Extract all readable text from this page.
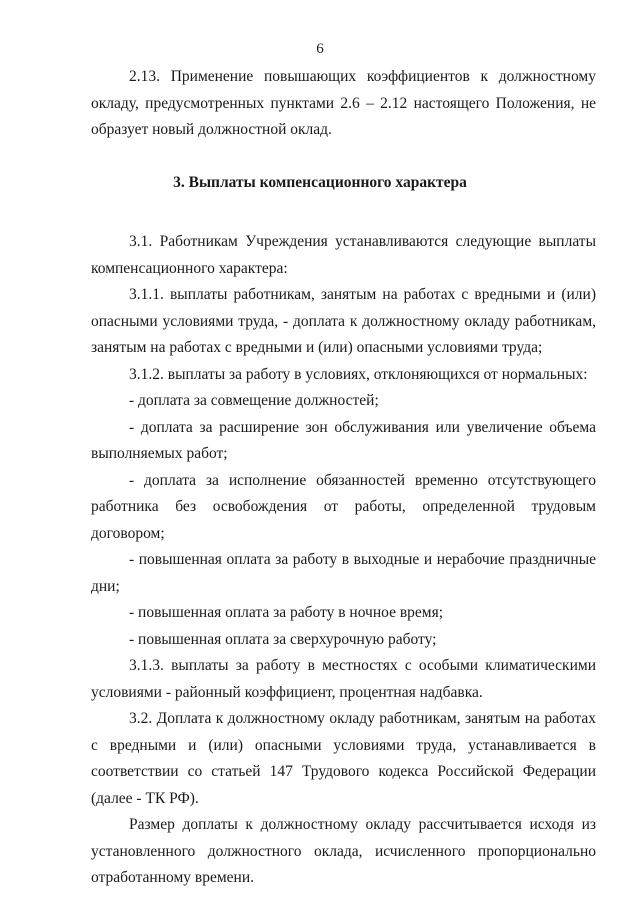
6

2.13. Применение повышающих коэффициентов к должностному окладу, предусмотренных пунктами 2.6 – 2.12 настоящего Положения, не образует новый должностной оклад.

3. Выплаты компенсационного характера

3.1. Работникам Учреждения устанавливаются следующие выплаты компенсационного характера:

3.1.1. выплаты работникам, занятым на работах с вредными и (или) опасными условиями труда, - доплата к должностному окладу работникам, занятым на работах с вредными и (или) опасными условиями труда;

3.1.2. выплаты за работу в условиях, отклоняющихся от нормальных:

- доплата за совмещение должностей;

- доплата за расширение зон обслуживания или увеличение объема выполняемых работ;

- доплата за исполнение обязанностей временно отсутствующего работника без освобождения от работы, определенной трудовым договором;

- повышенная оплата за работу в выходные и нерабочие праздничные дни;

- повышенная оплата за работу в ночное время;

- повышенная оплата за сверхурочную работу;

3.1.3. выплаты за работу в местностях с особыми климатическими условиями - районный коэффициент, процентная надбавка.

3.2. Доплата к должностному окладу работникам, занятым на работах с вредными и (или) опасными условиями труда, устанавливается в соответствии со статьей 147 Трудового кодекса Российской Федерации (далее - ТК РФ).

Размер доплаты к должностному окладу рассчитывается исходя из установленного должностного оклада, исчисленного пропорционально отработанному времени.
